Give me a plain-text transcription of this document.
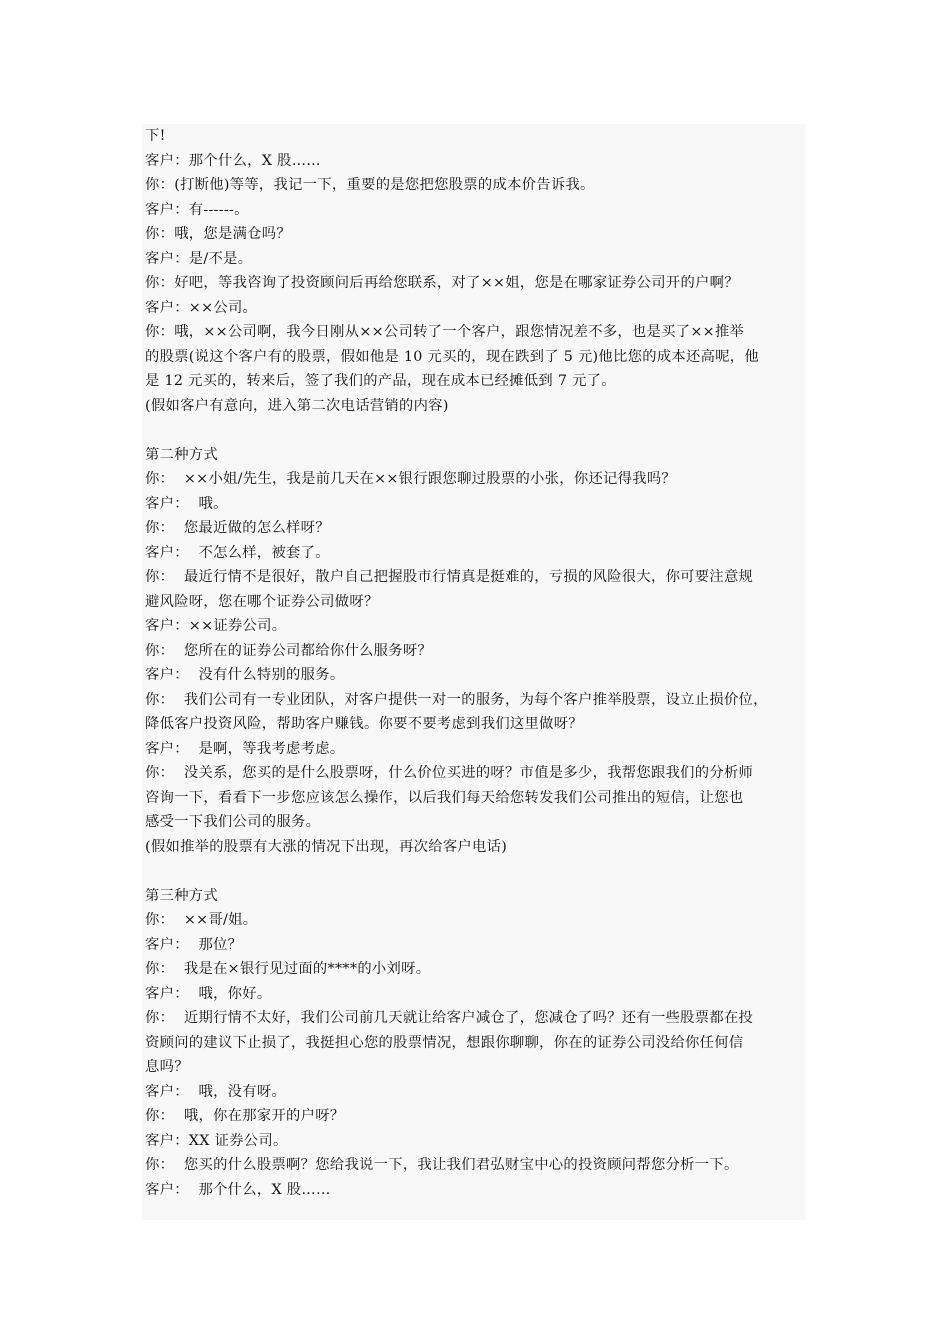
下!
客户：那个什么，X 股……
你：(打断他)等等，我记一下，重要的是您把您股票的成本价告诉我。
客户：有------。
你：哦，您是满仓吗？
客户：是/不是。
你：好吧，等我咨询了投资顾问后再给您联系，对了××姐，您是在哪家证券公司开的户啊？
客户：××公司。
你：哦，××公司啊，我今日刚从××公司转了一个客户，跟您情况差不多，也是买了××推举
的股票(说这个客户有的股票，假如他是 10 元买的，现在跌到了 5 元)他比您的成本还高呢，他
是 12 元买的，转来后，签了我们的产品，现在成本已经摊低到 7 元了。
(假如客户有意向，进入第二次电话营销的内容)
第二种方式
你：  ××小姐/先生，我是前几天在××银行跟您聊过股票的小张，你还记得我吗？
客户：  哦。
你：  您最近做的怎么样呀？
客户：  不怎么样，被套了。
你：  最近行情不是很好，散户自己把握股市行情真是挺难的，亏损的风险很大，你可要注意规
避风险呀，您在哪个证券公司做呀？
客户：××证券公司。
你：  您所在的证券公司都给你什么服务呀？
客户：  没有什么特别的服务。
你：  我们公司有一专业团队，对客户提供一对一的服务，为每个客户推举股票，设立止损价位，
降低客户投资风险，帮助客户赚钱。你要不要考虑到我们这里做呀？
客户：  是啊，等我考虑考虑。
你：  没关系，您买的是什么股票呀，什么价位买进的呀？市值是多少，我帮您跟我们的分析师
咨询一下，看看下一步您应该怎么操作，以后我们每天给您转发我们公司推出的短信，让您也
感受一下我们公司的服务。
(假如推举的股票有大涨的情况下出现，再次给客户电话)
第三种方式
你：  ××哥/姐。
客户：  那位？
你：  我是在×银行见过面的****的小刘呀。
客户：  哦，你好。
你：  近期行情不太好，我们公司前几天就让给客户减仓了，您减仓了吗？还有一些股票都在投
资顾问的建议下止损了，我挺担心您的股票情况，想跟你聊聊，你在的证券公司没给你任何信
息吗？
客户：  哦，没有呀。
你：  哦，你在那家开的户呀？
客户：XX 证券公司。
你：  您买的什么股票啊？您给我说一下，我让我们君弘财宝中心的投资顾问帮您分析一下。
客户：  那个什么，X 股……
